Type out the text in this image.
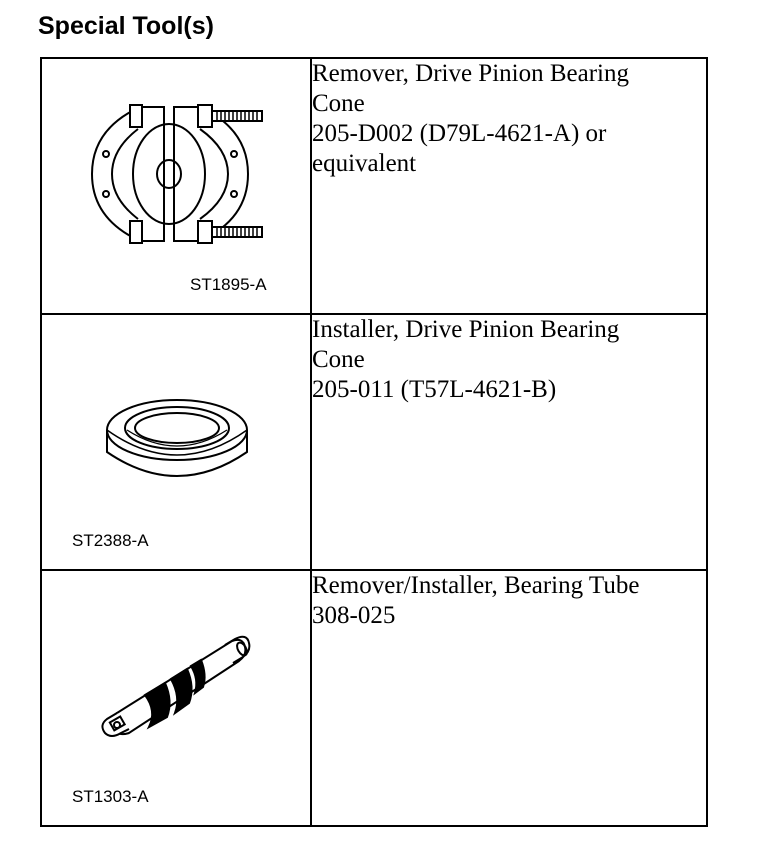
Special Tool(s)
ST1895-A	Remover, Drive Pinion Bearing
Cone
205-D002 (D79L-4621-A) or
equivalent

ST2388-A	Installer, Drive Pinion Bearing
Cone
205-011 (T57L-4621-B)

ST1303-A	Remover/Installer, Bearing Tube
308-025
